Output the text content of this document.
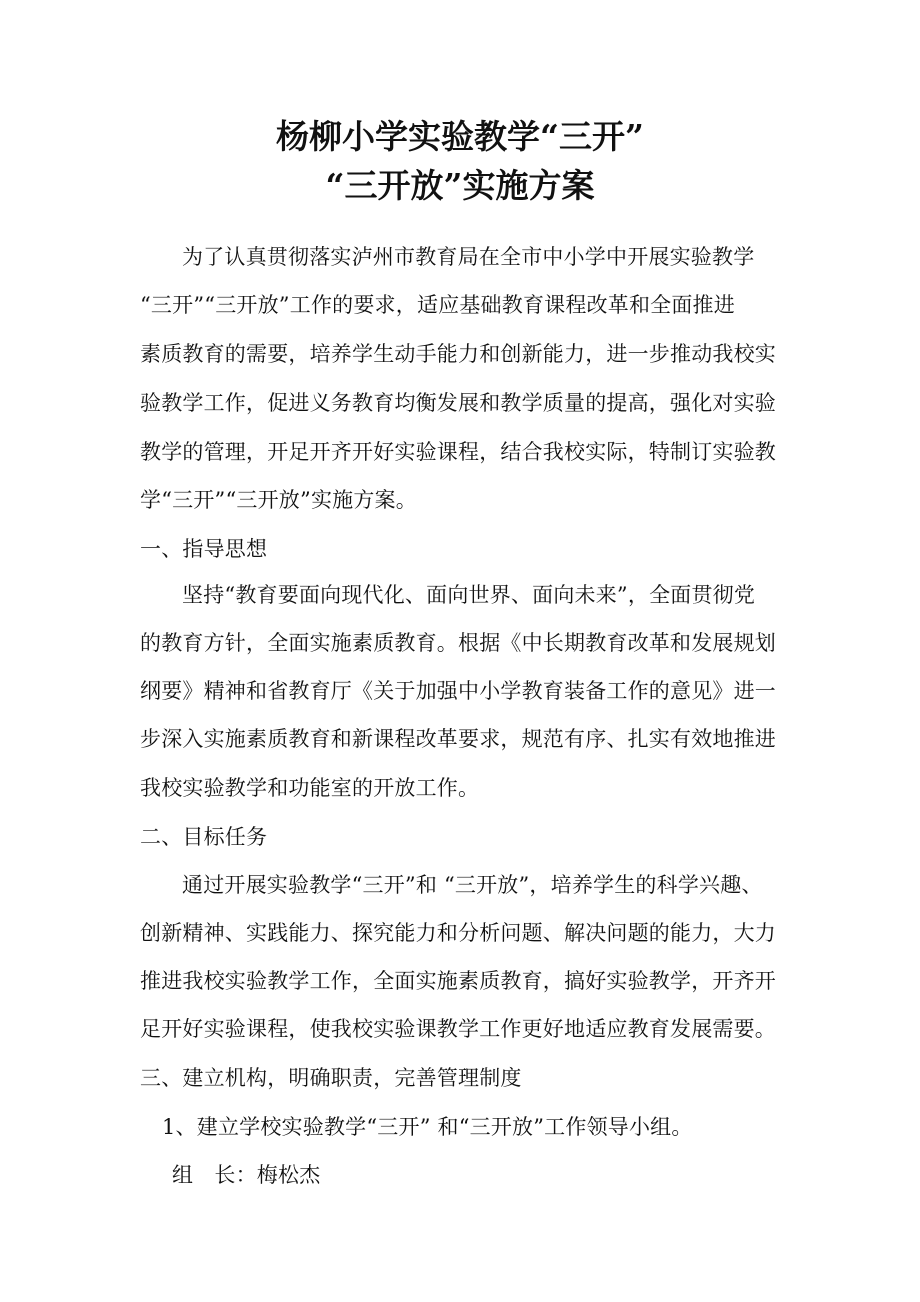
杨柳小学实验教学“三开”
“三开放”实施方案
为了认真贯彻落实泸州市教育局在全市中小学中开展实验教学
“三开”“三开放”工作的要求，适应基础教育课程改革和全面推进
素质教育的需要，培养学生动手能力和创新能力，进一步推动我校实
验教学工作，促进义务教育均衡发展和教学质量的提高，强化对实验
教学的管理，开足开齐开好实验课程，结合我校实际，特制订实验教
学“三开”“三开放”实施方案。
一、指导思想
坚持“教育要面向现代化、面向世界、面向未来”，全面贯彻党
的教育方针，全面实施素质教育。根据《中长期教育改革和发展规划
纲要》精神和省教育厅《关于加强中小学教育装备工作的意见》进一
步深入实施素质教育和新课程改革要求，规范有序、扎实有效地推进
我校实验教学和功能室的开放工作。
二、目标任务
通过开展实验教学“三开”和 “三开放”，培养学生的科学兴趣、
创新精神、实践能力、探究能力和分析问题、解决问题的能力，大力
推进我校实验教学工作，全面实施素质教育，搞好实验教学，开齐开
足开好实验课程，使我校实验课教学工作更好地适应教育发展需要。
三、建立机构，明确职责，完善管理制度
1、建立学校实验教学“三开” 和“三开放”工作领导小组。
组　长：梅松杰
